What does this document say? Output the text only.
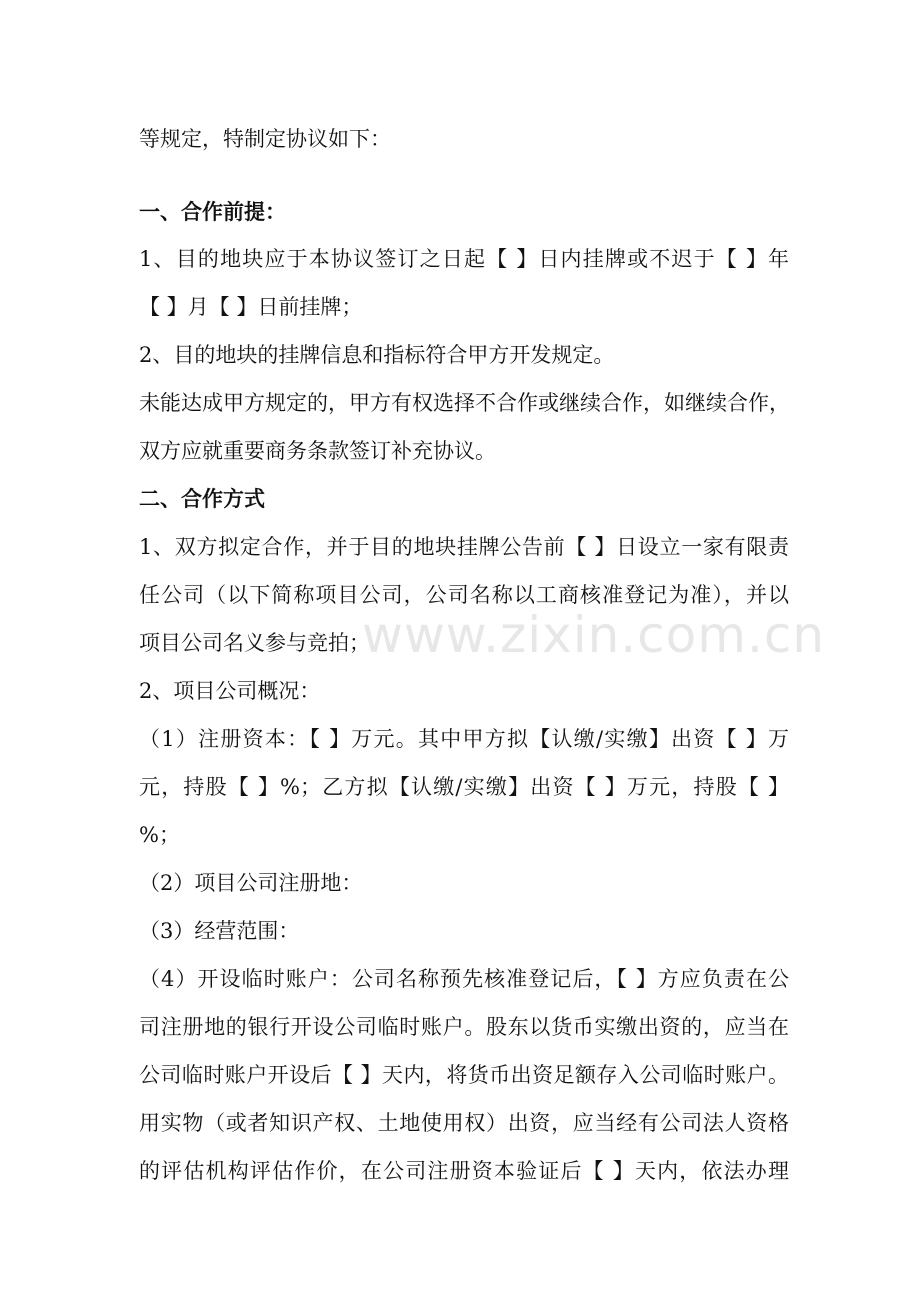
等规定，特制定协议如下：
一、合作前提：
1、目的地块应于本协议签订之日起【 】日内挂牌或不迟于【 】年
【 】月【 】日前挂牌；
2、目的地块的挂牌信息和指标符合甲方开发规定。
未能达成甲方规定的，甲方有权选择不合作或继续合作，如继续合作，
双方应就重要商务条款签订补充协议。
二、合作方式
1、双方拟定合作，并于目的地块挂牌公告前【 】日设立一家有限责
任公司（以下简称项目公司，公司名称以工商核准登记为准），并以
项目公司名义参与竞拍；
2、项目公司概况：
（1）注册资本：【 】万元。其中甲方拟【认缴/实缴】出资【 】万
元，持股【 】%；乙方拟【认缴/实缴】出资【 】万元，持股【 】
%；
（2）项目公司注册地：
（3）经营范围：
（4）开设临时账户：公司名称预先核准登记后，【 】方应负责在公
司注册地的银行开设公司临时账户。股东以货币实缴出资的，应当在
公司临时账户开设后【 】天内，将货币出资足额存入公司临时账户。
用实物（或者知识产权、土地使用权）出资，应当经有公司法人资格
的评估机构评估作价，在公司注册资本验证后【 】天内，依法办理
www.zixin.com.cn
